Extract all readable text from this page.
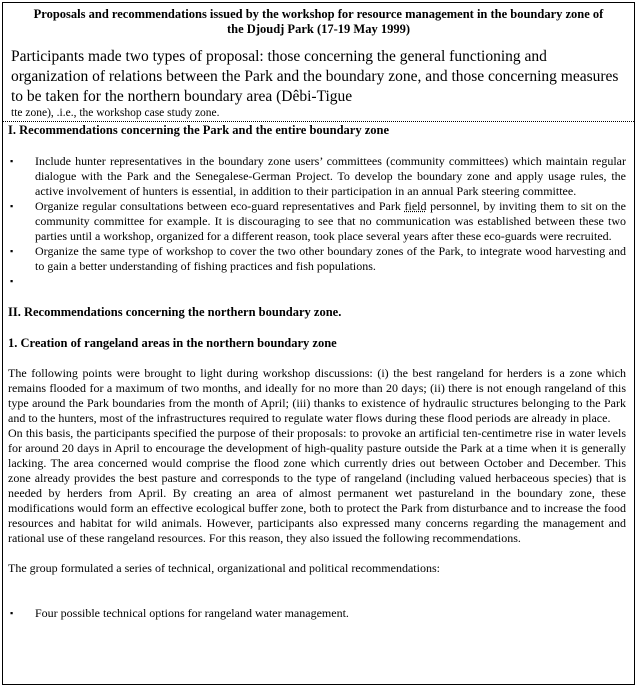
Proposals and recommendations issued by the workshop for resource management in the boundary zone of
the Djoudj Park (17-19 May 1999)

Participants made two types of proposal: those concerning the general functioning and organization of relations between the Park and the boundary zone, and those concerning measures to be taken for the northern boundary area (Dêbi-Tigue

tte zone), .i.e., the workshop case study zone.

I. Recommendations concerning the Park and the entire boundary zone

▪ Include hunter representatives in the boundary zone users’ committees (community committees) which maintain regular dialogue with the Park and the Senegalese-German Project. To develop the boundary zone and apply usage rules, the active involvement of hunters is essential, in addition to their participation in an annual Park steering committee.
▪ Organize regular consultations between eco-guard representatives and Park field personnel, by inviting them to sit on the community committee for example. It is discouraging to see that no communication was established between these two parties until a workshop, organized for a different reason, took place several years after these eco-guards were recruited.
▪ Organize the same type of workshop to cover the two other boundary zones of the Park, to integrate wood harvesting and to gain a better understanding of fishing practices and fish populations.
▪

II. Recommendations concerning the northern boundary zone.

1. Creation of rangeland areas in the northern boundary zone

The following points were brought to light during workshop discussions: (i) the best rangeland for herders is a zone which remains flooded for a maximum of two months, and ideally for no more than 20 days; (ii) there is not enough rangeland of this type around the Park boundaries from the month of April; (iii) thanks to existence of hydraulic structures belonging to the Park and to the hunters, most of the infrastructures required to regulate water flows during these flood periods are already in place.

On this basis, the participants specified the purpose of their proposals: to provoke an artificial ten-centimetre rise in water levels for around 20 days in April to encourage the development of high-quality pasture outside the Park at a time when it is generally lacking. The area concerned would comprise the flood zone which currently dries out between October and December. This zone already provides the best pasture and corresponds to the type of rangeland (including valued herbaceous species) that is needed by herders from April. By creating an area of almost permanent wet pastureland in the boundary zone, these modifications would form an effective ecological buffer zone, both to protect the Park from disturbance and to increase the food resources and habitat for wild animals. However, participants also expressed many concerns regarding the management and rational use of these rangeland resources. For this reason, they also issued the following recommendations.

The group formulated a series of technical, organizational and political recommendations:

▪ Four possible technical options for rangeland water management.
